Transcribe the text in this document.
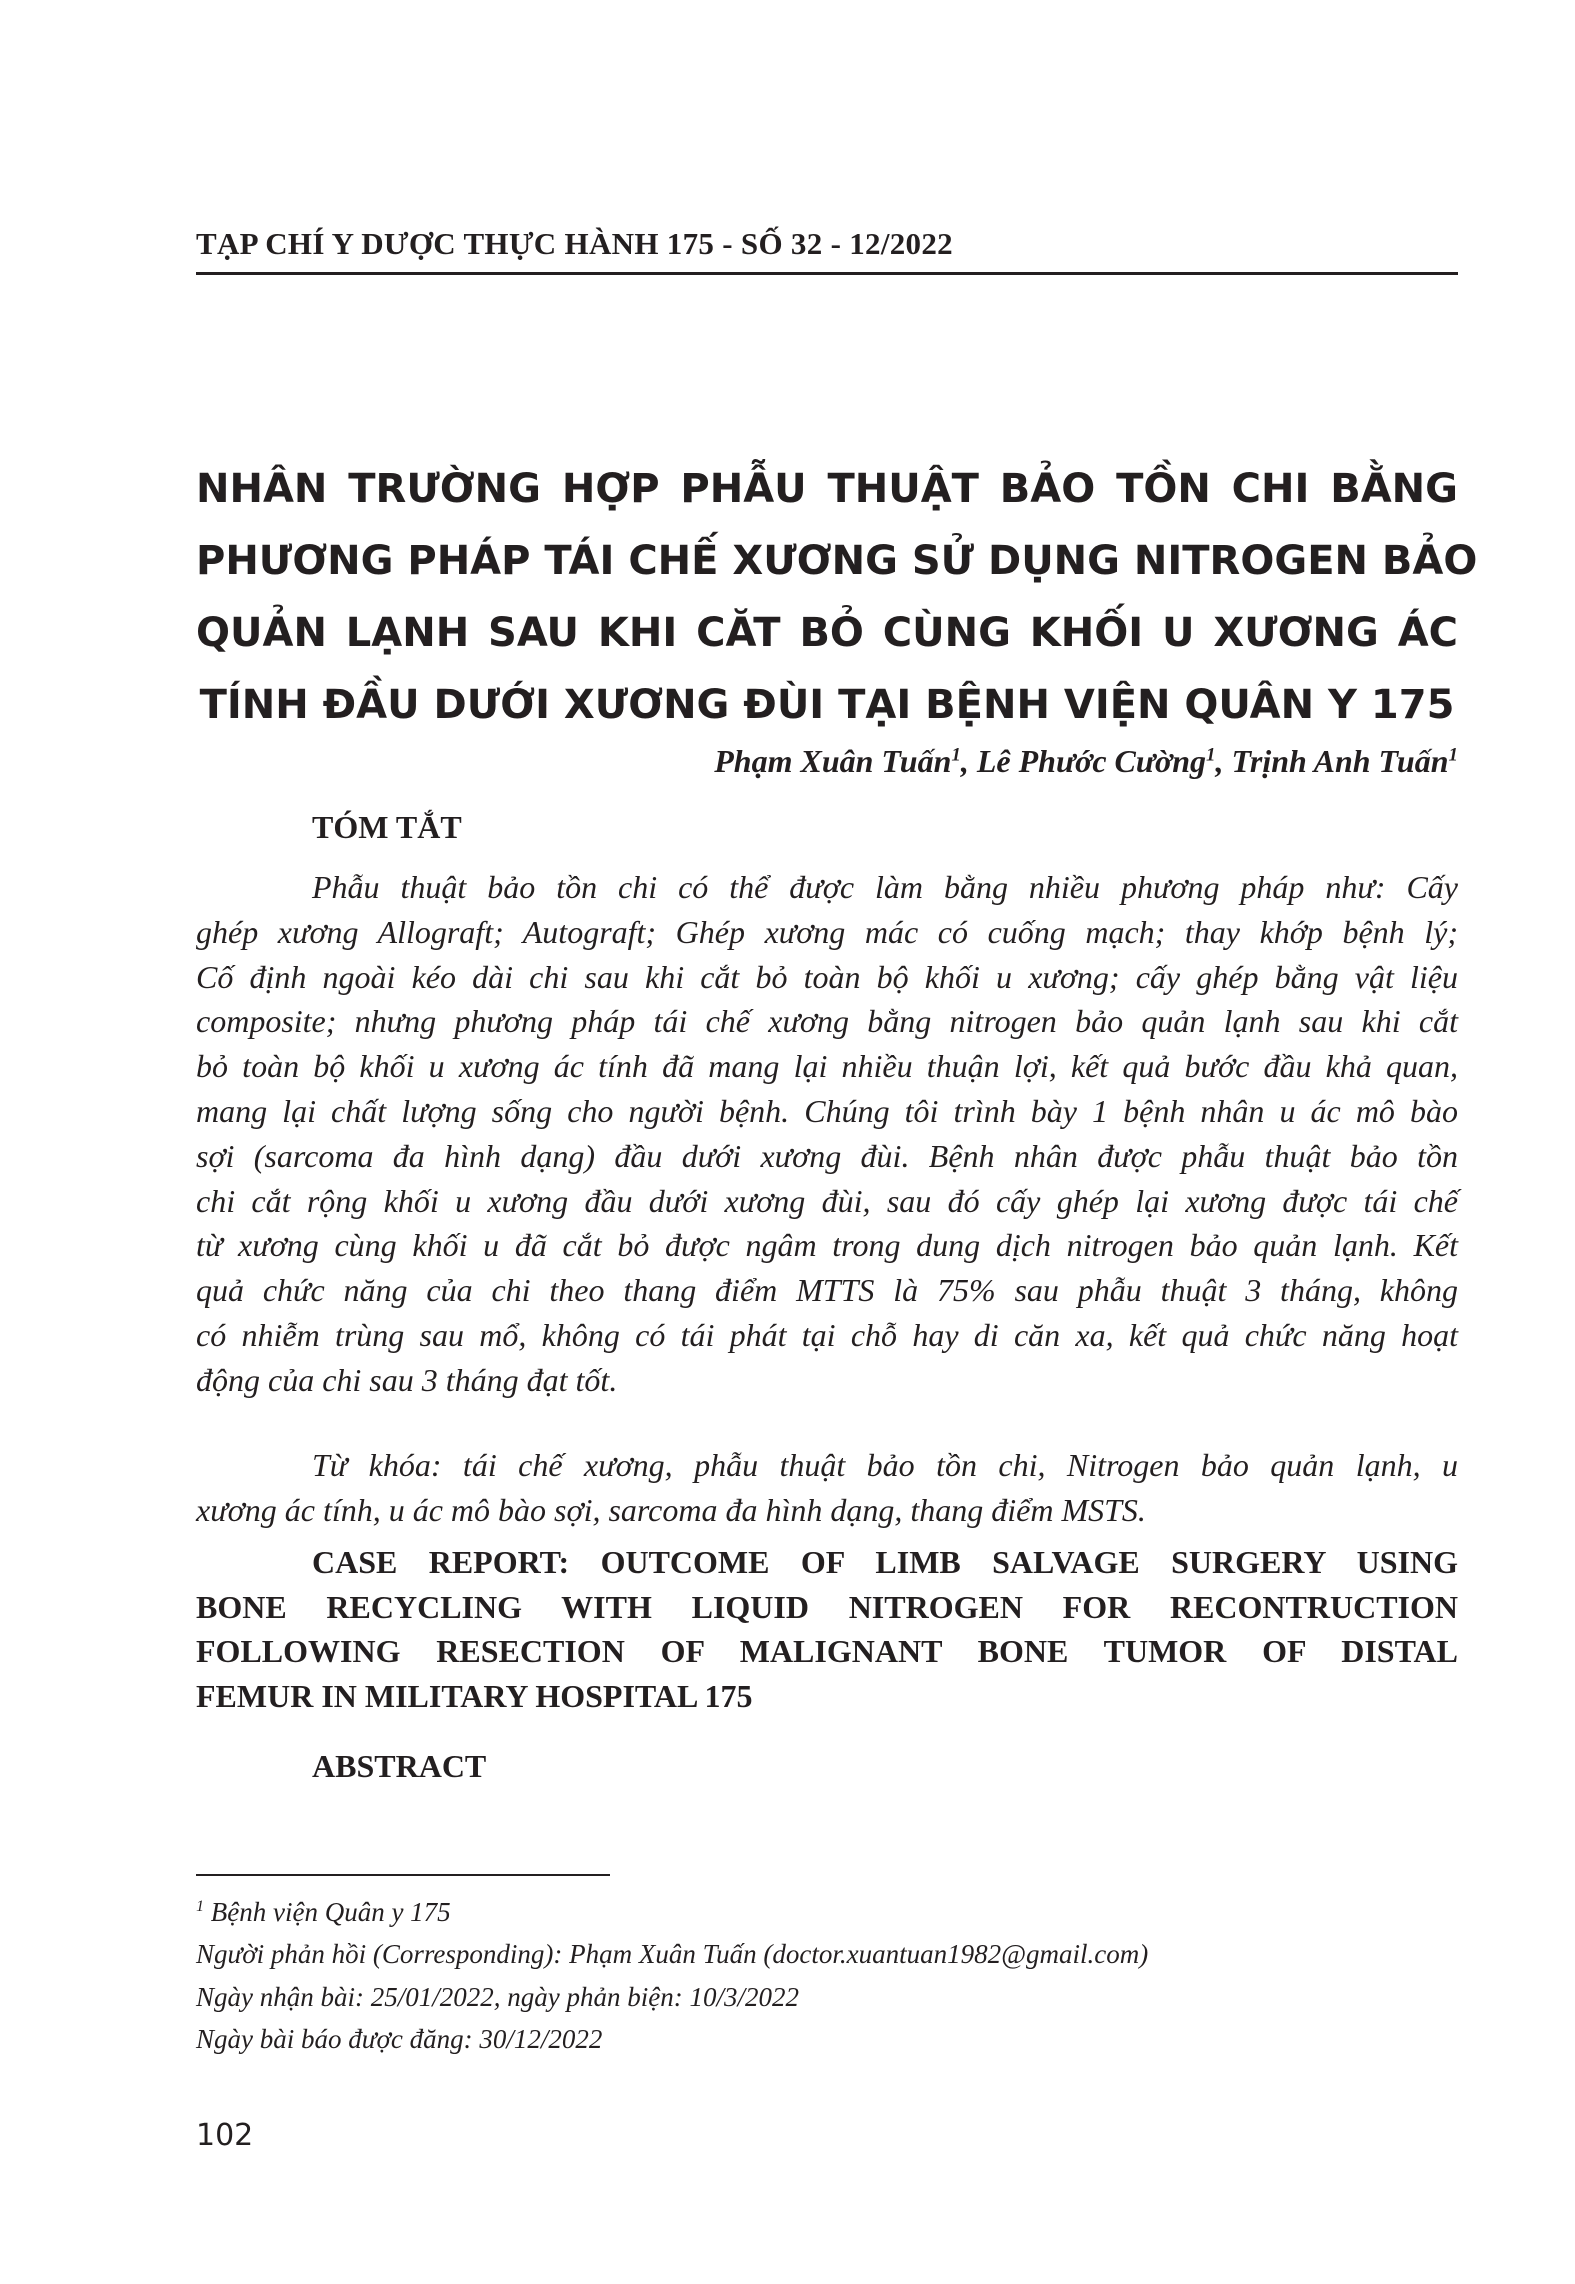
TẠP CHÍ Y DƯỢC THỰC HÀNH 175 - SỐ 32 - 12/2022
NHÂN TRƯỜNG HỢP PHẪU THUẬT BẢO TỒN CHI BẰNG
PHƯƠNG PHÁP TÁI CHẾ XƯƠNG SỬ DỤNG NITROGEN BẢO
QUẢN LẠNH SAU KHI CĂT BỎ CÙNG KHỐI U XƯƠNG ÁC
TÍNH ĐẦU DƯỚI XƯƠNG ĐÙI TẠI BỆNH VIỆN QUÂN Y 175
Phạm Xuân Tuấn$^1$, Lê Phước Cường$^1$, Trịnh Anh Tuấn$^1$
TÓM TẮT
Phẫu thuật bảo tồn chi có thể được làm bằng nhiều phương pháp như: Cấy
ghép xương Allograft; Autograft; Ghép xương mác có cuống mạch; thay khớp bệnh lý;
Cố định ngoài kéo dài chi sau khi cắt bỏ toàn bộ khối u xương; cấy ghép bằng vật liệu
composite; nhưng phương pháp tái chế xương bằng nitrogen bảo quản lạnh sau khi cắt
bỏ toàn bộ khối u xương ác tính đã mang lại nhiều thuận lợi, kết quả bước đầu khả quan,
mang lại chất lượng sống cho người bệnh. Chúng tôi trình bày 1 bệnh nhân u ác mô bào
sợi (sarcoma đa hình dạng) đầu dưới xương đùi. Bệnh nhân được phẫu thuật bảo tồn
chi cắt rộng khối u xương đầu dưới xương đùi, sau đó cấy ghép lại xương được tái chế
từ xương cùng khối u đã cắt bỏ được ngâm trong dung dịch nitrogen bảo quản lạnh. Kết
quả chức năng của chi theo thang điểm MTTS là 75% sau phẫu thuật 3 tháng, không
có nhiễm trùng sau mổ, không có tái phát tại chỗ hay di căn xa, kết quả chức năng hoạt
động của chi sau 3 tháng đạt tốt.
Từ khóa: tái chế xương, phẫu thuật bảo tồn chi, Nitrogen bảo quản lạnh, u
xương ác tính, u ác mô bào sợi, sarcoma đa hình dạng, thang điểm MSTS.
CASE REPORT: OUTCOME OF LIMB SALVAGE SURGERY USING
BONE RECYCLING WITH LIQUID NITROGEN FOR RECONTRUCTION
FOLLOWING RESECTION OF MALIGNANT BONE TUMOR OF DISTAL
FEMUR IN MILITARY HOSPITAL 175
ABSTRACT
$^1$ Bệnh viện Quân y 175
Người phản hồi (Corresponding): Phạm Xuân Tuấn (doctor.xuantuan1982@gmail.com)
Ngày nhận bài: 25/01/2022, ngày phản biện: 10/3/2022
Ngày bài báo được đăng: 30/12/2022
102
